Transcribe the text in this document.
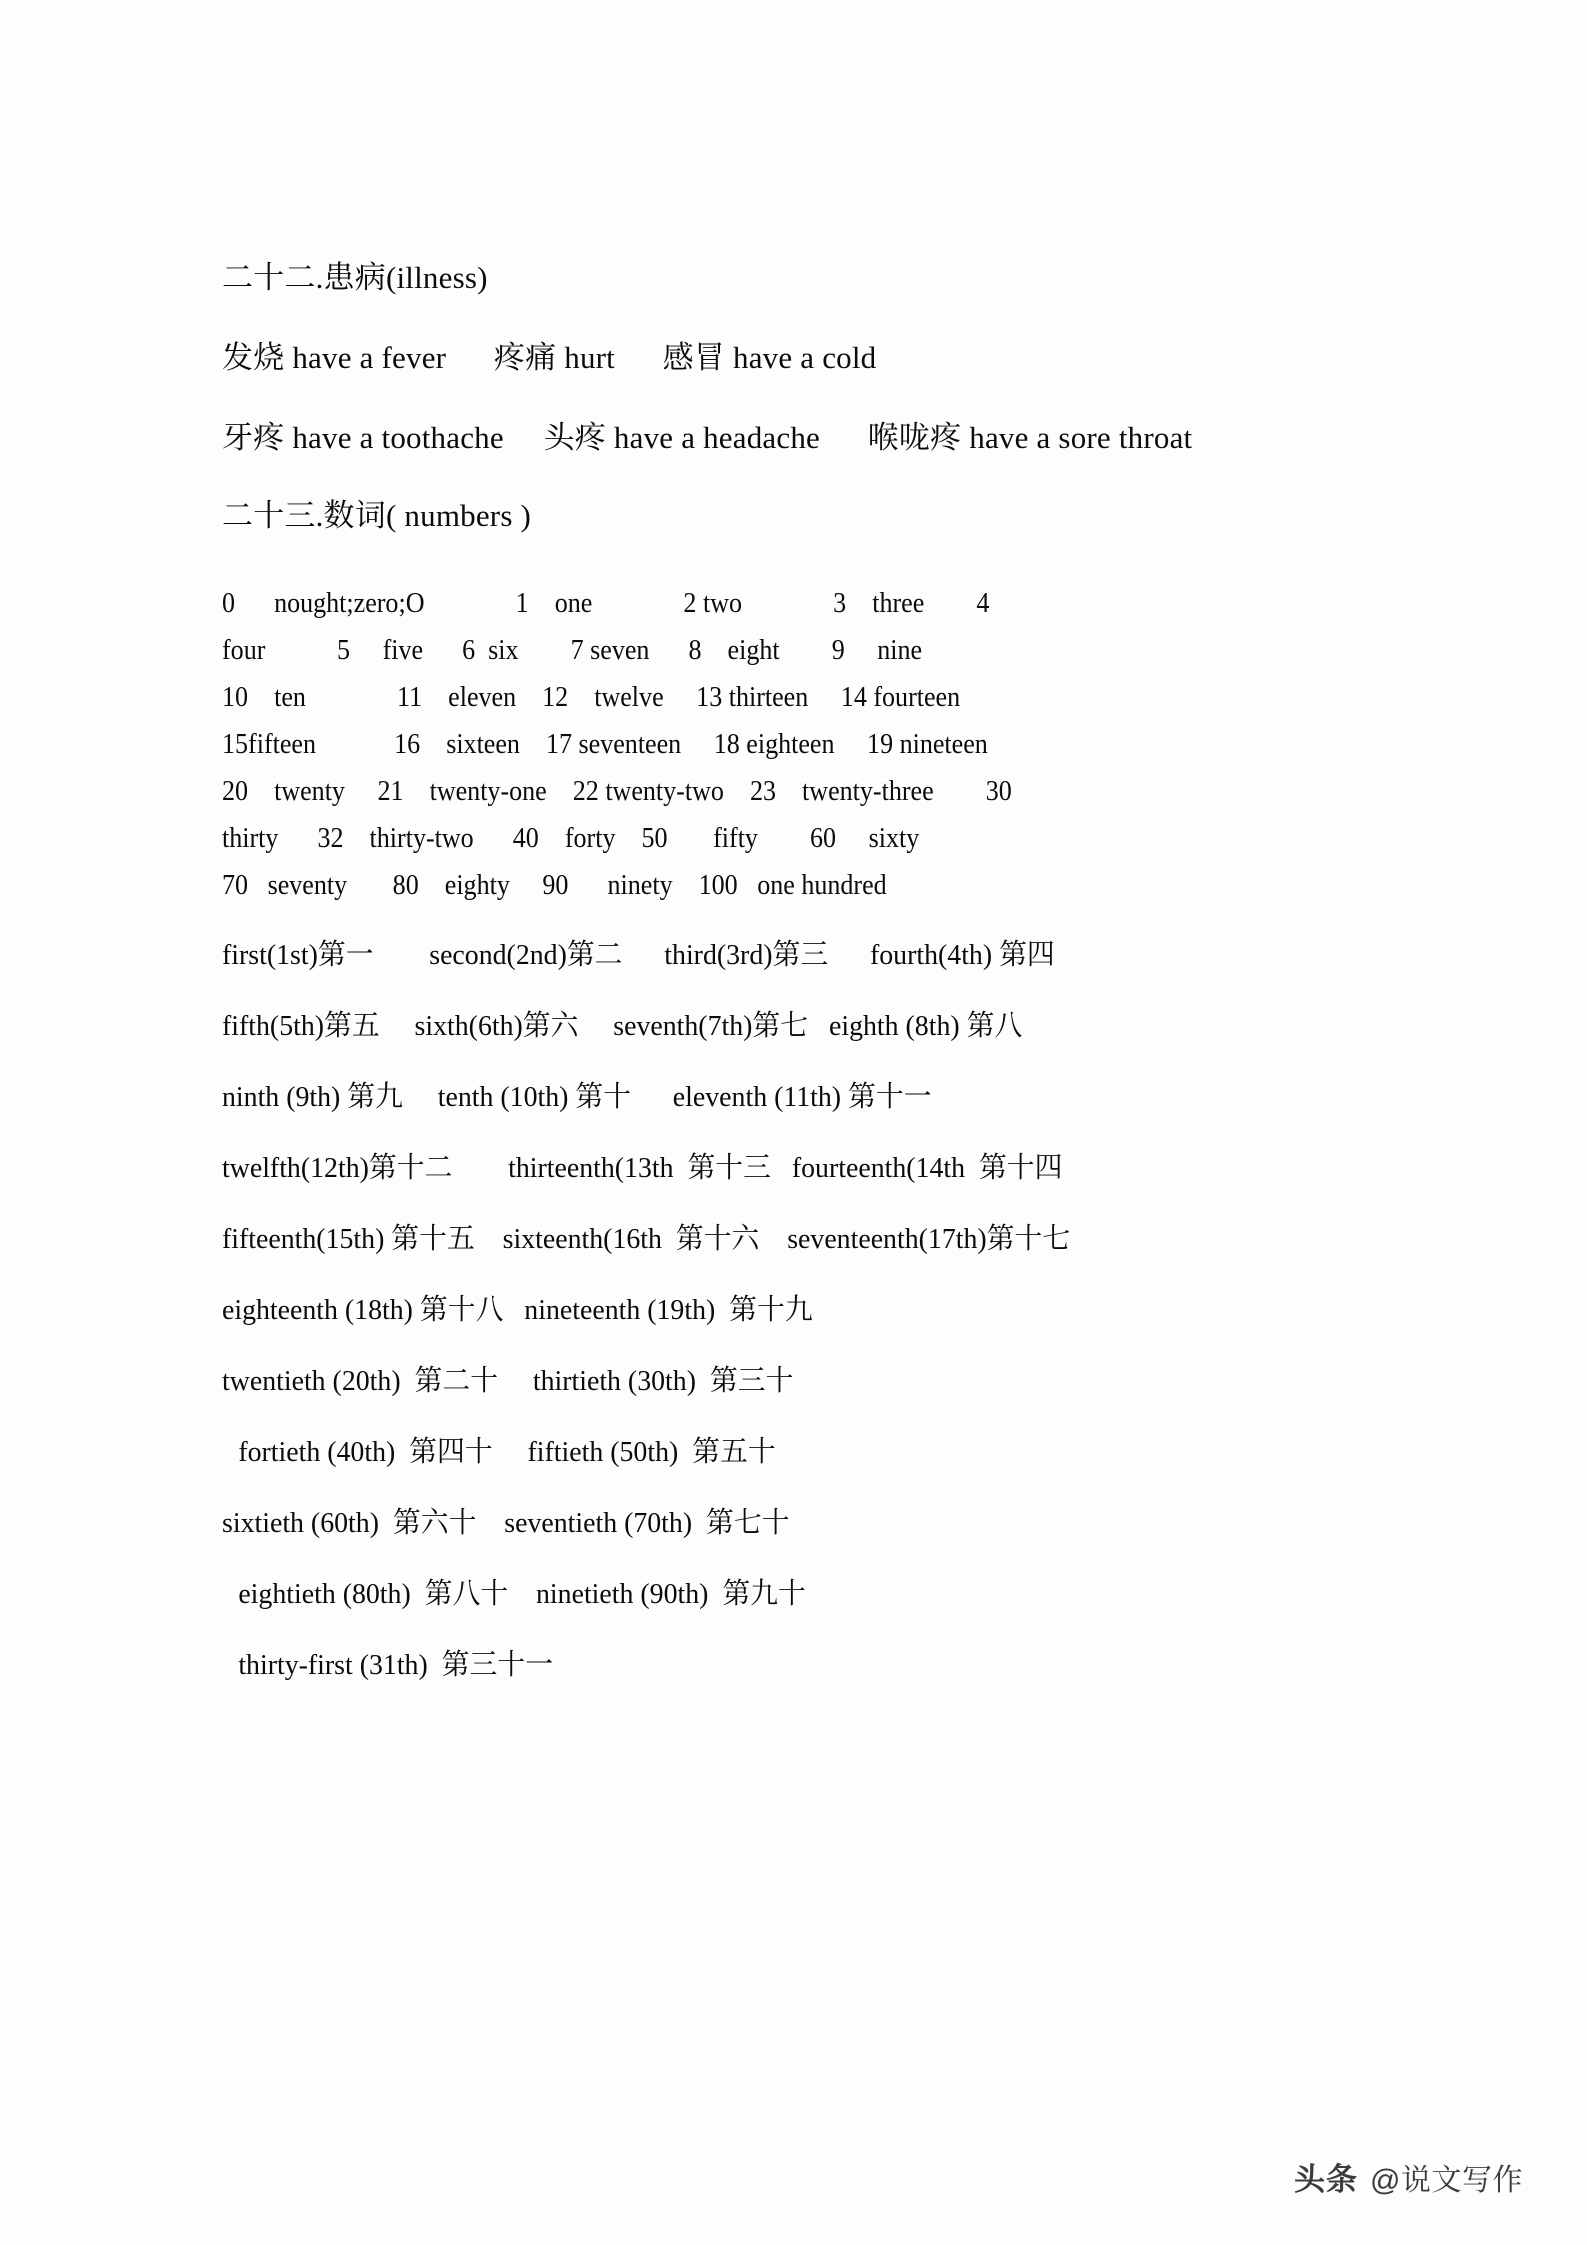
二十二.患病(illness)
发烧 have a fever      疼痛 hurt      感冒 have a cold
牙疼 have a toothache     头疼 have a headache      喉咙疼 have a sore throat
二十三.数词( numbers )
0      nought;zero;O              1    one              2 two              3    three        4
four           5     five      6  six        7 seven      8    eight        9     nine
10    ten              11    eleven    12    twelve     13 thirteen     14 fourteen
15fifteen            16    sixteen    17 seventeen     18 eighteen     19 nineteen
20    twenty     21    twenty-one    22 twenty-two    23    twenty-three        30
thirty      32    thirty-two      40    forty    50       fifty        60     sixty
70   seventy       80    eighty     90      ninety    100   one hundred
first(1st)第一        second(2nd)第二      third(3rd)第三      fourth(4th) 第四
fifth(5th)第五     sixth(6th)第六     seventh(7th)第七   eighth (8th) 第八
ninth (9th) 第九     tenth (10th) 第十      eleventh (11th) 第十一
twelfth(12th)第十二        thirteenth(13th  第十三   fourteenth(14th  第十四
fifteenth(15th) 第十五    sixteenth(16th  第十六    seventeenth(17th)第十七
eighteenth (18th) 第十八   nineteenth (19th)  第十九
twentieth (20th)  第二十     thirtieth (30th)  第三十
fortieth (40th)  第四十     fiftieth (50th)  第五十
sixtieth (60th)  第六十    seventieth (70th)  第七十
eightieth (80th)  第八十    ninetieth (90th)  第九十
thirty-first (31th)  第三十一
头条 @说文写作
